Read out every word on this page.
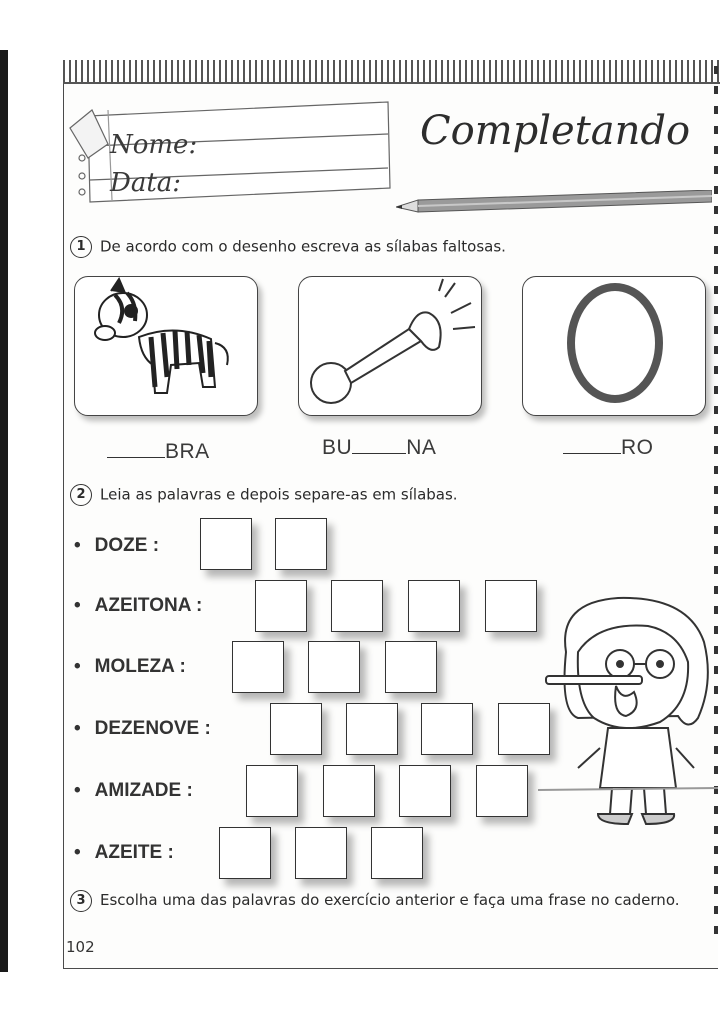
Nome:
Data:
Completando
1 De acordo com o desenho escreva as sílabas faltosas.
BRA	BU	NA	RO
2 Leia as palavras e depois separe-as em sílabas.
• DOZE :
• AZEITONA :
• MOLEZA :
• DEZENOVE :
• AMIZADE :
• AZEITE :
3 Escolha uma das palavras do exercício anterior e faça uma frase no caderno.
102
